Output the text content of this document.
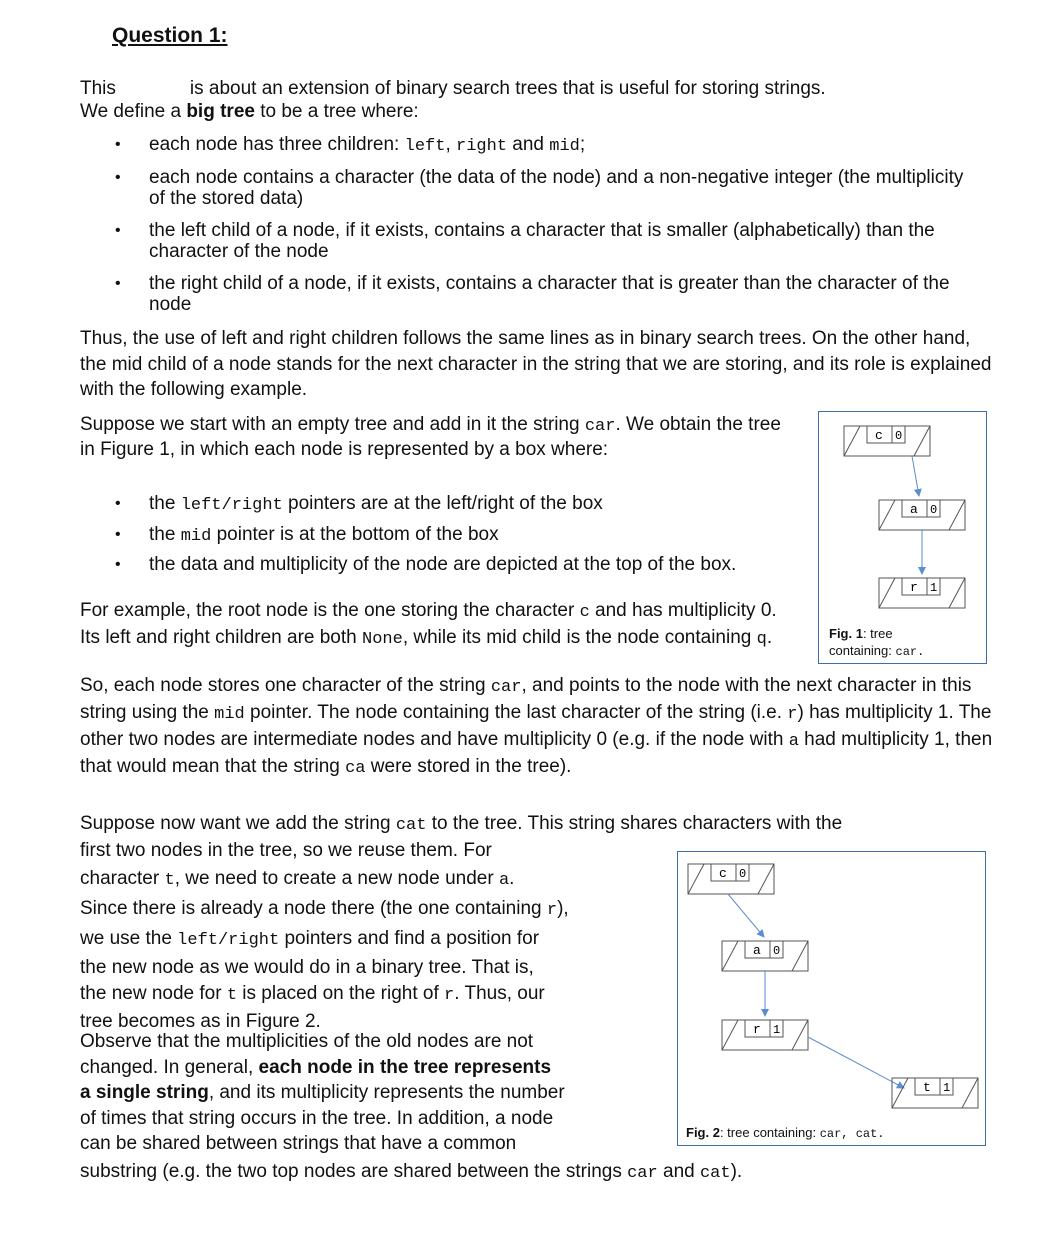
Question 1:

This	is about an extension of binary search trees that is useful for storing strings.

We define a big tree to be a tree where:

• each node has three children: left, right and mid;
• each node contains a character (the data of the node) and a non-negative integer (the multiplicity of the stored data)
• the left child of a node, if it exists, contains a character that is smaller (alphabetically) than the character of the node
• the right child of a node, if it exists, contains a character that is greater than the character of the node

Thus, the use of left and right children follows the same lines as in binary search trees. On the other hand, the mid child of a node stands for the next character in the string that we are storing, and its role is explained with the following example.

Suppose we start with an empty tree and add in it the string car. We obtain the tree in Figure 1, in which each node is represented by a box where:

• the left/right pointers are at the left/right of the box
• the mid pointer is at the bottom of the box
• the data and multiplicity of the node are depicted at the top of the box.

For example, the root node is the one storing the character c and has multiplicity 0. Its left and right children are both None, while its mid child is the node containing q.

So, each node stores one character of the string car, and points to the node with the next character in this string using the mid pointer. The node containing the last character of the string (i.e. r) has multiplicity 1. The other two nodes are intermediate nodes and have multiplicity 0 (e.g. if the node with a had multiplicity 1, then that would mean that the string ca were stored in the tree).

Suppose now want we add the string cat to the tree. This string shares characters with the

first two nodes in the tree, so we reuse them. For
character t, we need to create a new node under a.
Since there is already a node there (the one containing r),
we use the left/right pointers and find a position for
the new node as we would do in a binary tree. That is,
the new node for t is placed on the right of r. Thus, our
tree becomes as in Figure 2.
Observe that the multiplicities of the old nodes are not
changed. In general, each node in the tree represents
a single string, and its multiplicity represents the number
of times that string occurs in the tree. In addition, a node
can be shared between strings that have a common
substring (e.g. the two top nodes are shared between the strings car and cat).
c 0
a 0
r 1
Fig. 1: tree
containing: car.
c 0
a 0
r 1
t 1
Fig. 2: tree containing: car, cat.
